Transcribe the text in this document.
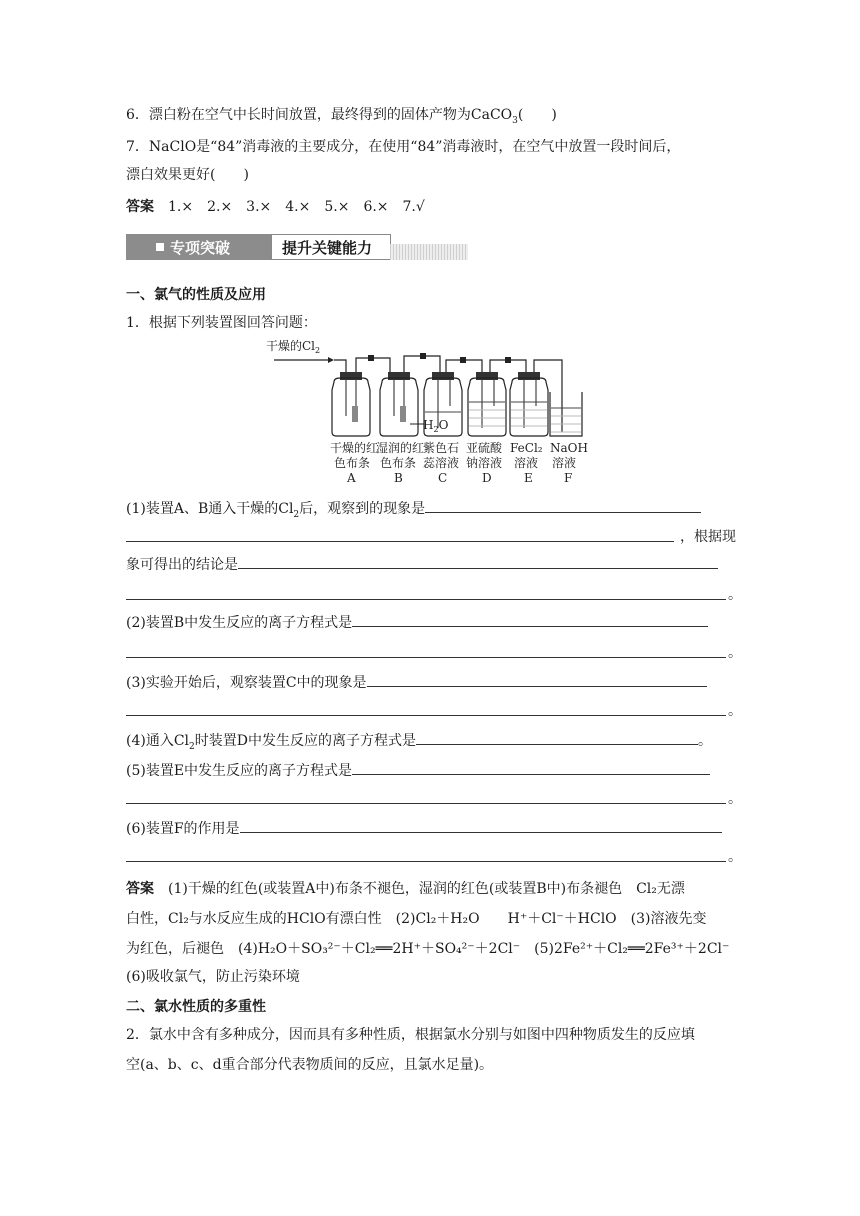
6．漂白粉在空气中长时间放置，最终得到的固体产物为CaCO$_3$(　　)
7．NaClO是“84”消毒液的主要成分，在使用“84”消毒液时，在空气中放置一段时间后，
漂白效果更好(　　)
答案　 1.×　2.×　3.×　4.×　5.×　6.×　7.√
专项突破	提升关键能力
一、氯气的性质及应用
1．根据下列装置图回答问题：
干燥的$Cl_2$
$H_2O$
干燥的红
色布条
A
湿润的红
色布条
B
紫色石
蕊溶液
C
亚硫酸
钠溶液
D
FeCl₂
溶液
E
NaOH
溶液
F
(1)装置A、B通入干燥的$Cl_2$后，观察到的现象是
，根据现
象可得出的结论是
。
(2)装置B中发生反应的离子方程式是
。
(3)实验开始后，观察装置C中的现象是
。
(4)通入$Cl_2$时装置D中发生反应的离子方程式是	。
(5)装置E中发生反应的离子方程式是
。
(6)装置F的作用是
。
答案　 (1)干燥的红色(或装置A中)布条不褪色，湿润的红色(或装置B中)布条褪色　Cl₂无漂
白性，Cl₂与水反应生成的HClO有漂白性　(2)Cl₂＋H₂O　　H⁺＋Cl⁻＋HClO　(3)溶液先变
为红色，后褪色　(4)H₂O＋SO₃²⁻＋Cl₂══2H⁺＋SO₄²⁻＋2Cl⁻　(5)2Fe²⁺＋Cl₂══2Fe³⁺＋2Cl⁻
(6)吸收氯气，防止污染环境
二、氯水性质的多重性
2．氯水中含有多种成分，因而具有多种性质，根据氯水分别与如图中四种物质发生的反应填
空(a、b、c、d重合部分代表物质间的反应，且氯水足量)。
